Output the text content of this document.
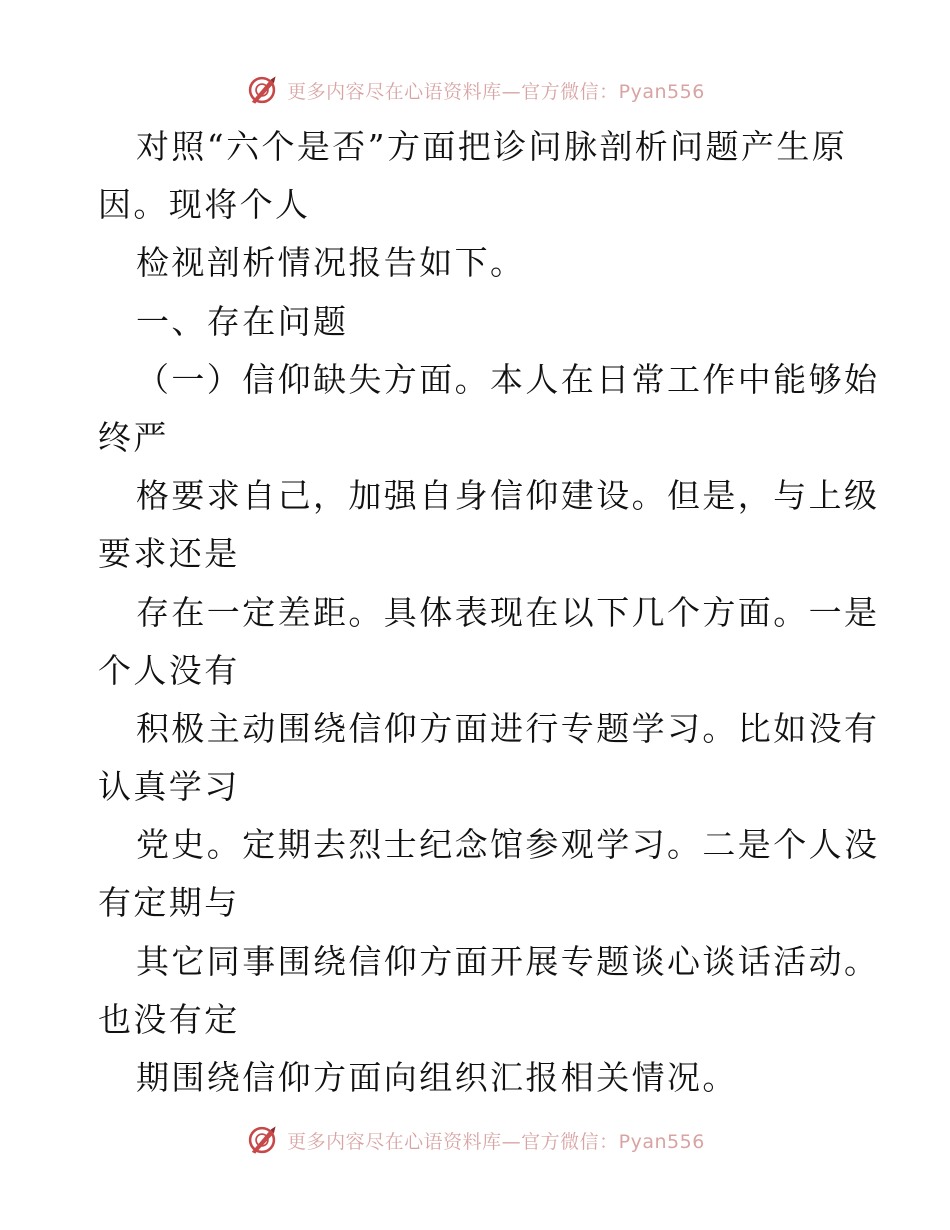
更多内容尽在心语资料库—官方微信：Pyan556
对照“六个是否”方面把诊问脉剖析问题产生原
因。现将个人
检视剖析情况报告如下。
一、存在问题
（一）信仰缺失方面。本人在日常工作中能够始
终严
格要求自己，加强自身信仰建设。但是，与上级
要求还是
存在一定差距。具体表现在以下几个方面。一是
个人没有
积极主动围绕信仰方面进行专题学习。比如没有
认真学习
党史。定期去烈士纪念馆参观学习。二是个人没
有定期与
其它同事围绕信仰方面开展专题谈心谈话活动。
也没有定
期围绕信仰方面向组织汇报相关情况。
更多内容尽在心语资料库—官方微信：Pyan556
